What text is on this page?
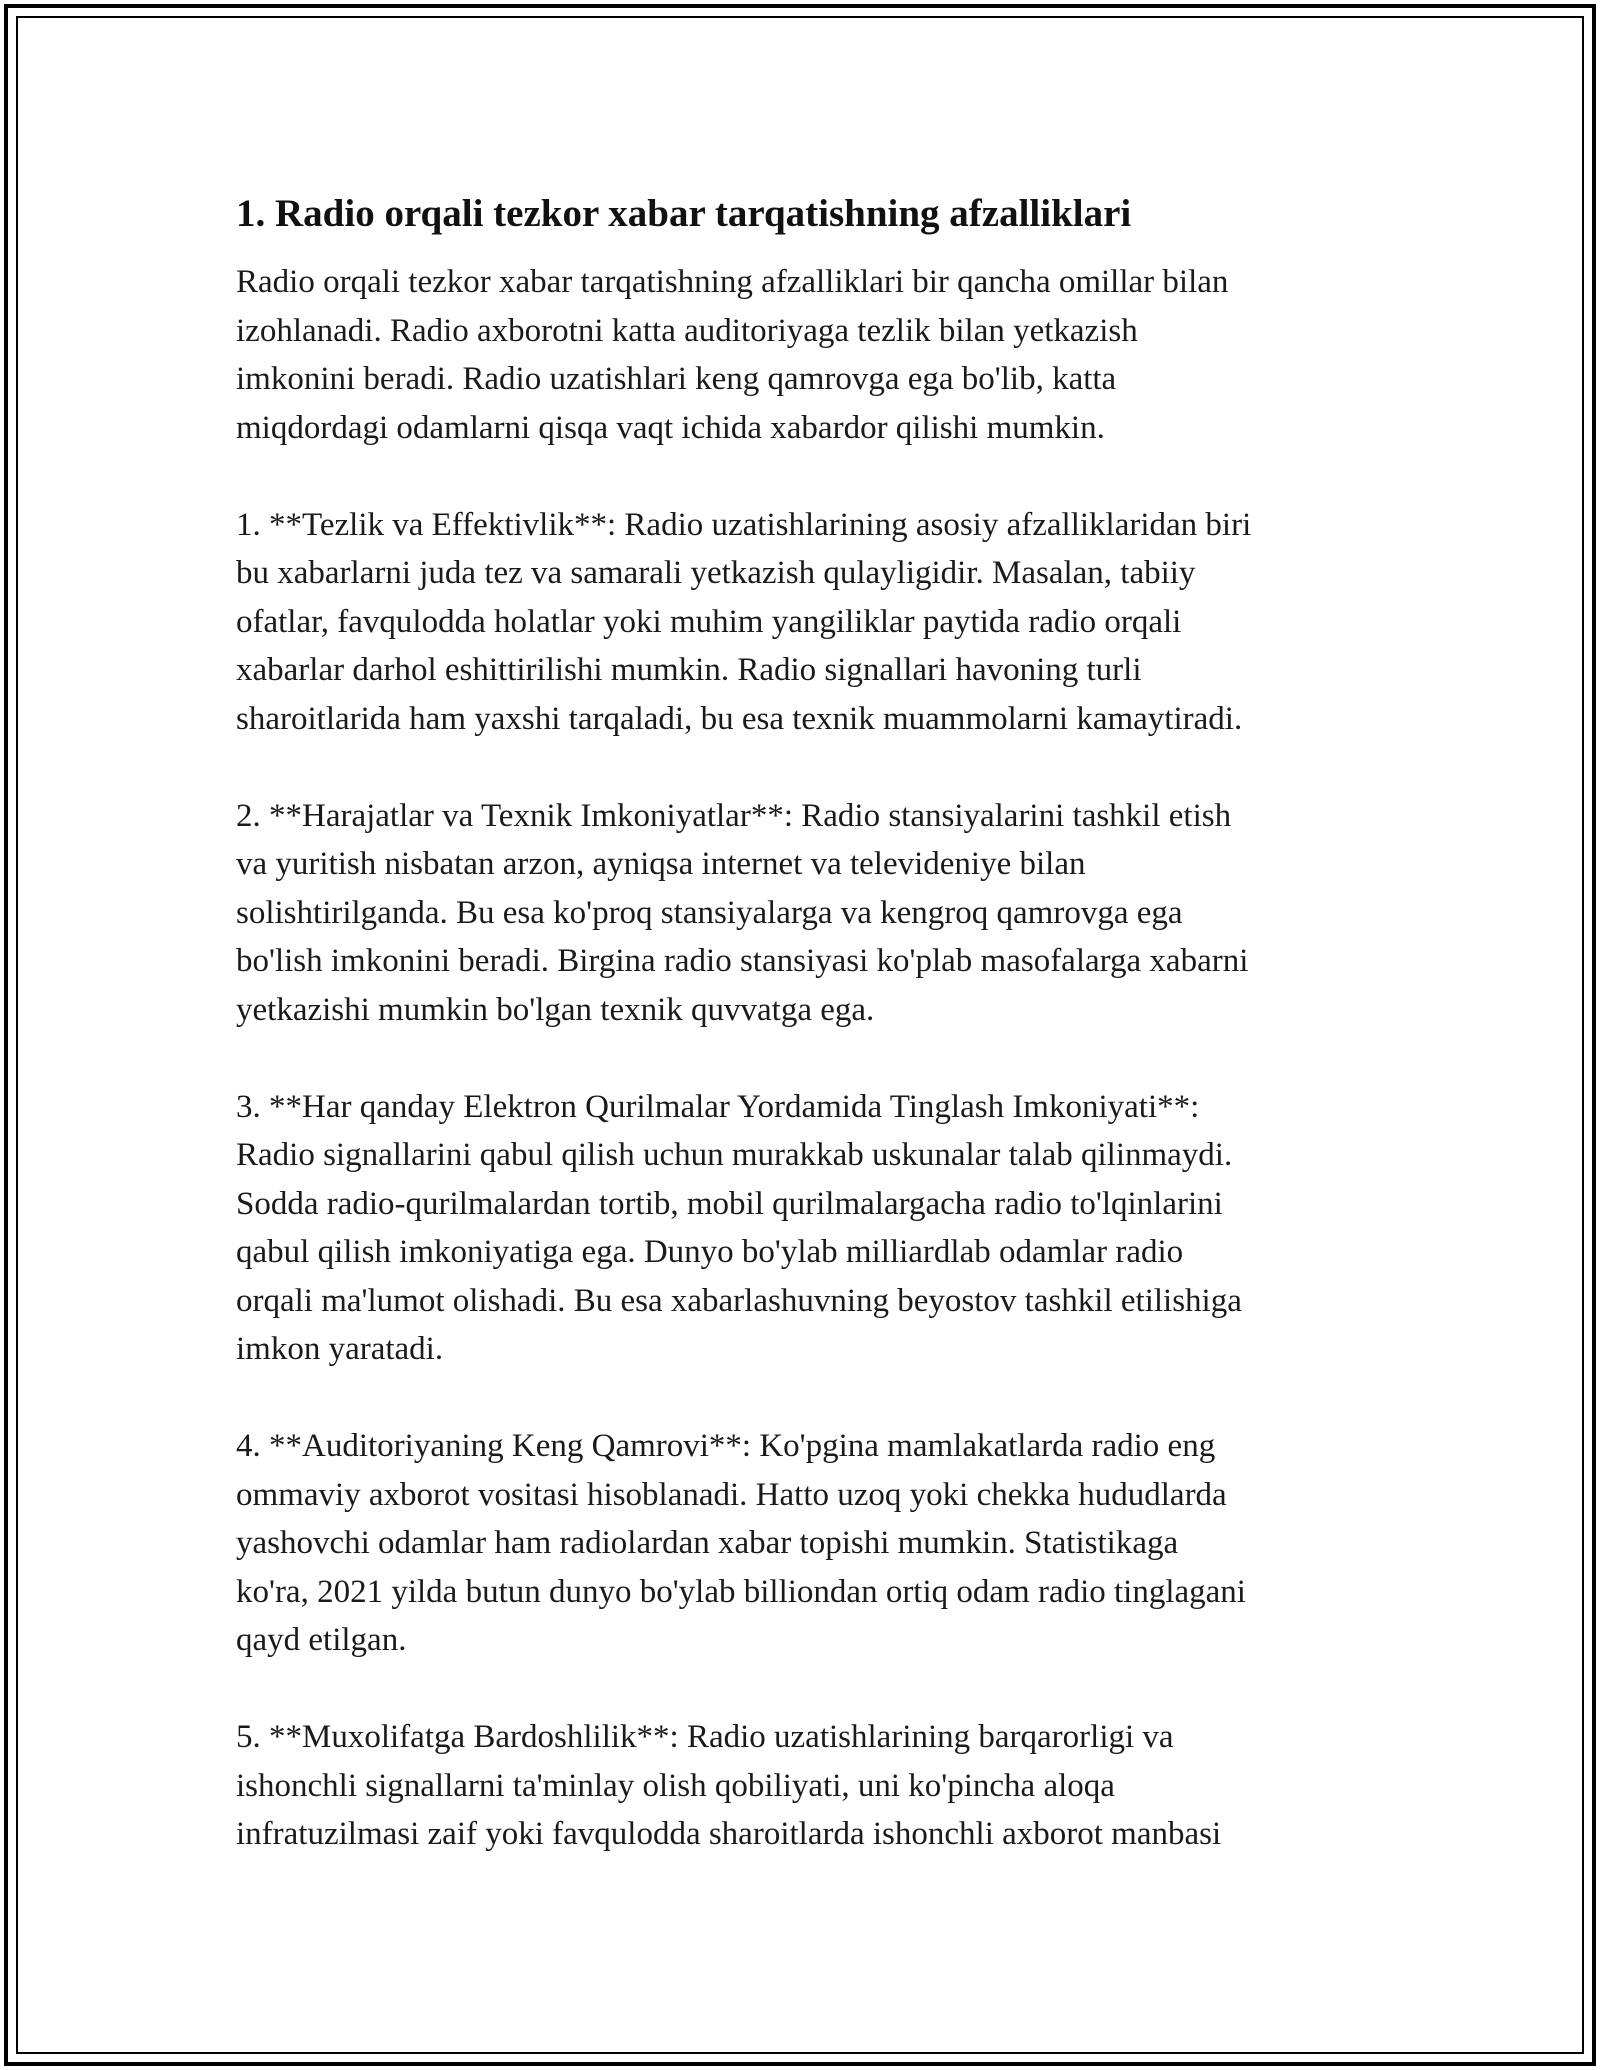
1. Radio orqali tezkor xabar tarqatishning afzalliklari

Radio orqali tezkor xabar tarqatishning afzalliklari bir qancha omillar bilan
izohlanadi. Radio axborotni katta auditoriyaga tezlik bilan yetkazish
imkonini beradi. Radio uzatishlari keng qamrovga ega bo'lib, katta
miqdordagi odamlarni qisqa vaqt ichida xabardor qilishi mumkin.

1. **Tezlik va Effektivlik**: Radio uzatishlarining asosiy afzalliklaridan biri
bu xabarlarni juda tez va samarali yetkazish qulayligidir. Masalan, tabiiy
ofatlar, favqulodda holatlar yoki muhim yangiliklar paytida radio orqali
xabarlar darhol eshittirilishi mumkin. Radio signallari havoning turli
sharoitlarida ham yaxshi tarqaladi, bu esa texnik muammolarni kamaytiradi.

2. **Harajatlar va Texnik Imkoniyatlar**: Radio stansiyalarini tashkil etish
va yuritish nisbatan arzon, ayniqsa internet va televideniye bilan
solishtirilganda. Bu esa ko'proq stansiyalarga va kengroq qamrovga ega
bo'lish imkonini beradi. Birgina radio stansiyasi ko'plab masofalarga xabarni
yetkazishi mumkin bo'lgan texnik quvvatga ega.

3. **Har qanday Elektron Qurilmalar Yordamida Tinglash Imkoniyati**:
Radio signallarini qabul qilish uchun murakkab uskunalar talab qilinmaydi.
Sodda radio-qurilmalardan tortib, mobil qurilmalargacha radio to'lqinlarini
qabul qilish imkoniyatiga ega. Dunyo bo'ylab milliardlab odamlar radio
orqali ma'lumot olishadi. Bu esa xabarlashuvning beyostov tashkil etilishiga
imkon yaratadi.

4. **Auditoriyaning Keng Qamrovi**: Ko'pgina mamlakatlarda radio eng
ommaviy axborot vositasi hisoblanadi. Hatto uzoq yoki chekka hududlarda
yashovchi odamlar ham radiolardan xabar topishi mumkin. Statistikaga
ko'ra, 2021 yilda butun dunyo bo'ylab billiondan ortiq odam radio tinglagani
qayd etilgan.

5. **Muxolifatga Bardoshlilik**: Radio uzatishlarining barqarorligi va
ishonchli signallarni ta'minlay olish qobiliyati, uni ko'pincha aloqa
infratuzilmasi zaif yoki favqulodda sharoitlarda ishonchli axborot manbasi
